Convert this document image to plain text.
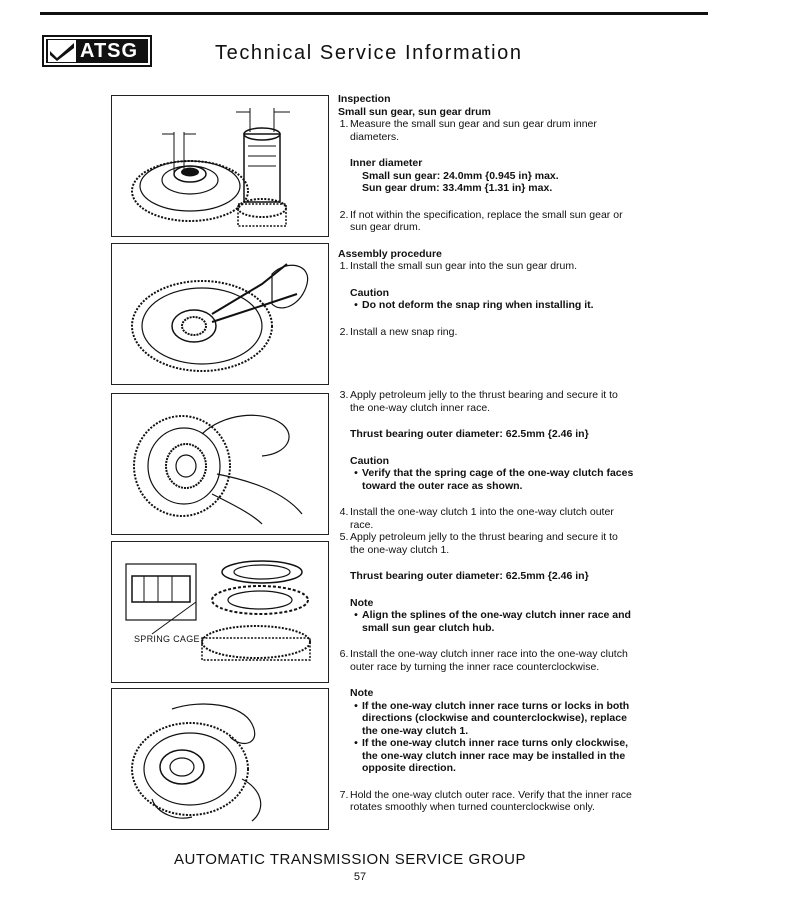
ATSG	Technical Service Information
SPRING CAGE
Inspection
Small sun gear, sun gear drum
1. Measure the small sun gear and sun gear drum inner diameters.
Inner diameter
Small sun gear: 24.0mm {0.945 in} max.
Sun gear drum: 33.4mm {1.31 in} max.
2. If not within the specification, replace the small sun gear or sun gear drum.
Assembly procedure
1. Install the small sun gear into the sun gear drum.
Caution
• Do not deform the snap ring when installing it.
2. Install a new snap ring.
3. Apply petroleum jelly to the thrust bearing and secure it to the one-way clutch inner race.
Thrust bearing outer diameter: 62.5mm {2.46 in}
Caution
• Verify that the spring cage of the one-way clutch faces toward the outer race as shown.
4. Install the one-way clutch 1 into the one-way clutch outer race.
5. Apply petroleum jelly to the thrust bearing and secure it to the one-way clutch 1.
Thrust bearing outer diameter: 62.5mm {2.46 in}
Note
• Align the splines of the one-way clutch inner race and small sun gear clutch hub.
6. Install the one-way clutch inner race into the one-way clutch outer race by turning the inner race counterclockwise.
Note
• If the one-way clutch inner race turns or locks in both directions (clockwise and counterclockwise), replace the one-way clutch 1.
• If the one-way clutch inner race turns only clockwise, the one-way clutch inner race may be installed in the opposite direction.
7. Hold the one-way clutch outer race. Verify that the inner race rotates smoothly when turned counterclockwise only.
AUTOMATIC TRANSMISSION SERVICE GROUP
57
